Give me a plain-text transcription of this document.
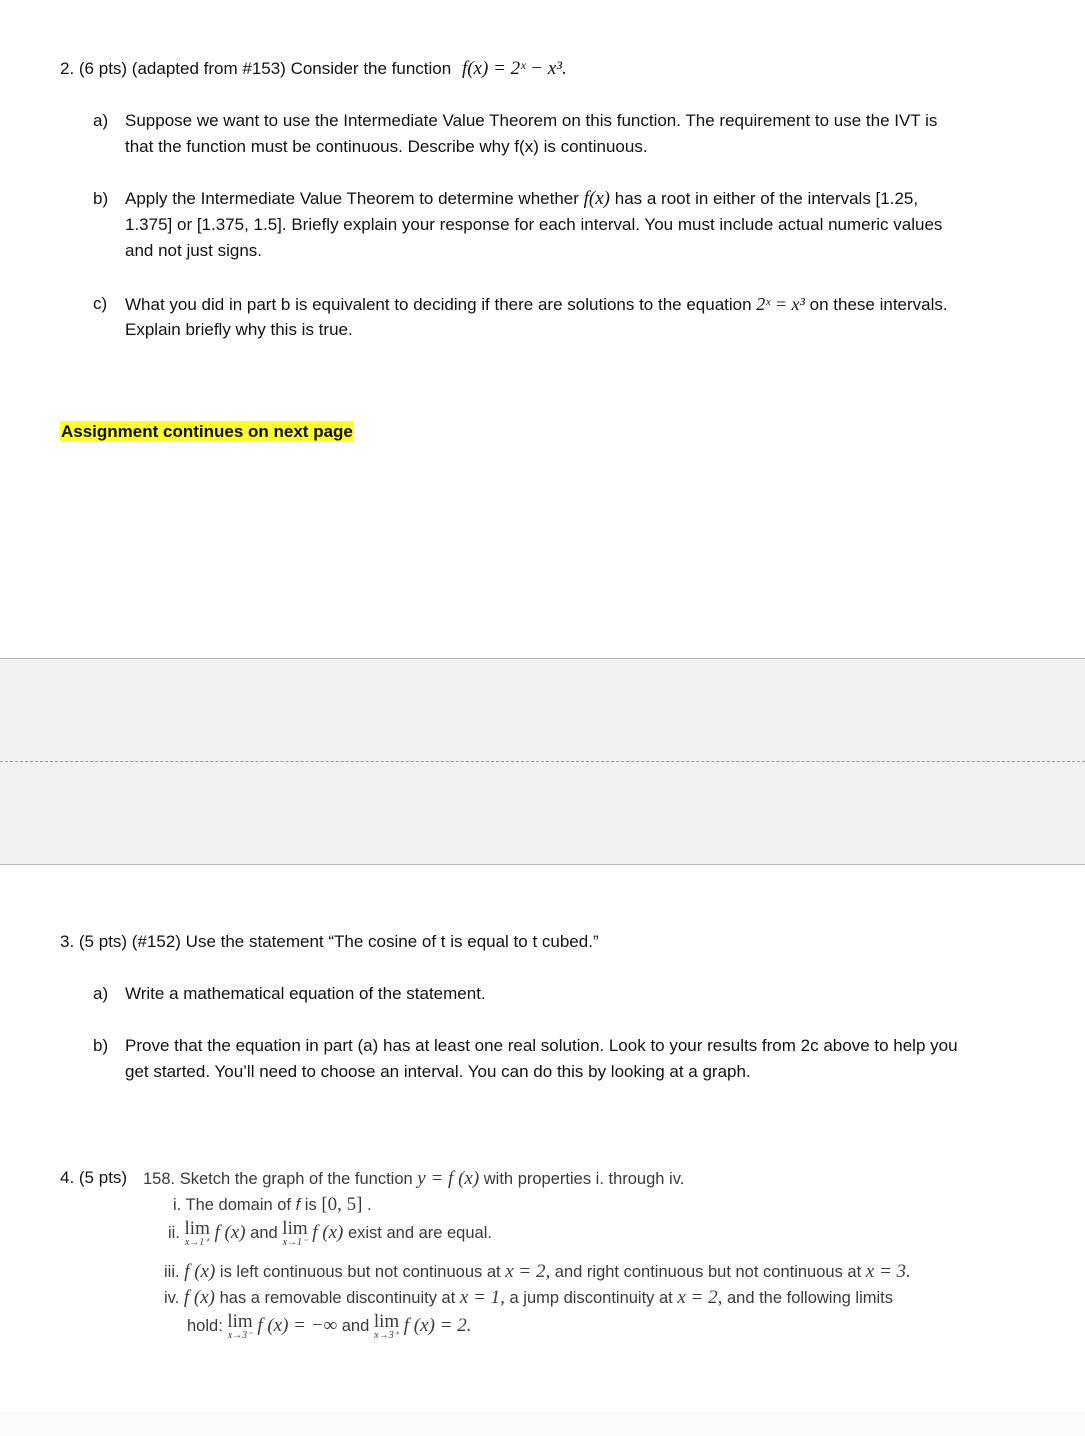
2. (6 pts) (adapted from #153) Consider the function f(x) = 2ˣ − x³.
a) Suppose we want to use the Intermediate Value Theorem on this function. The requirement to use the IVT is
that the function must be continuous. Describe why f(x) is continuous.
b) Apply the Intermediate Value Theorem to determine whether f(x) has a root in either of the intervals [1.25,
1.375] or [1.375, 1.5]. Briefly explain your response for each interval. You must include actual numeric values
and not just signs.
c) What you did in part b is equivalent to deciding if there are solutions to the equation 2ˣ = x³ on these intervals.
Explain briefly why this is true.
Assignment continues on next page
3. (5 pts) (#152) Use the statement “The cosine of t is equal to t cubed.”
a) Write a mathematical equation of the statement.
b) Prove that the equation in part (a) has at least one real solution. Look to your results from 2c above to help you
get started. You’ll need to choose an interval. You can do this by looking at a graph.
4. (5 pts) 158. Sketch the graph of the function y = f (x) with properties i. through iv.
i. The domain of f is [0, 5] .
ii. lim
x→1⁺ f (x) and lim
x→1⁻ f (x) exist and are equal.
iii. f (x) is left continuous but not continuous at x = 2, and right continuous but not continuous at x = 3.
iv. f (x) has a removable discontinuity at x = 1, a jump discontinuity at x = 2, and the following limits
hold: lim
x→3⁻ f (x) = −∞ and lim
x→3⁺ f (x) = 2.
